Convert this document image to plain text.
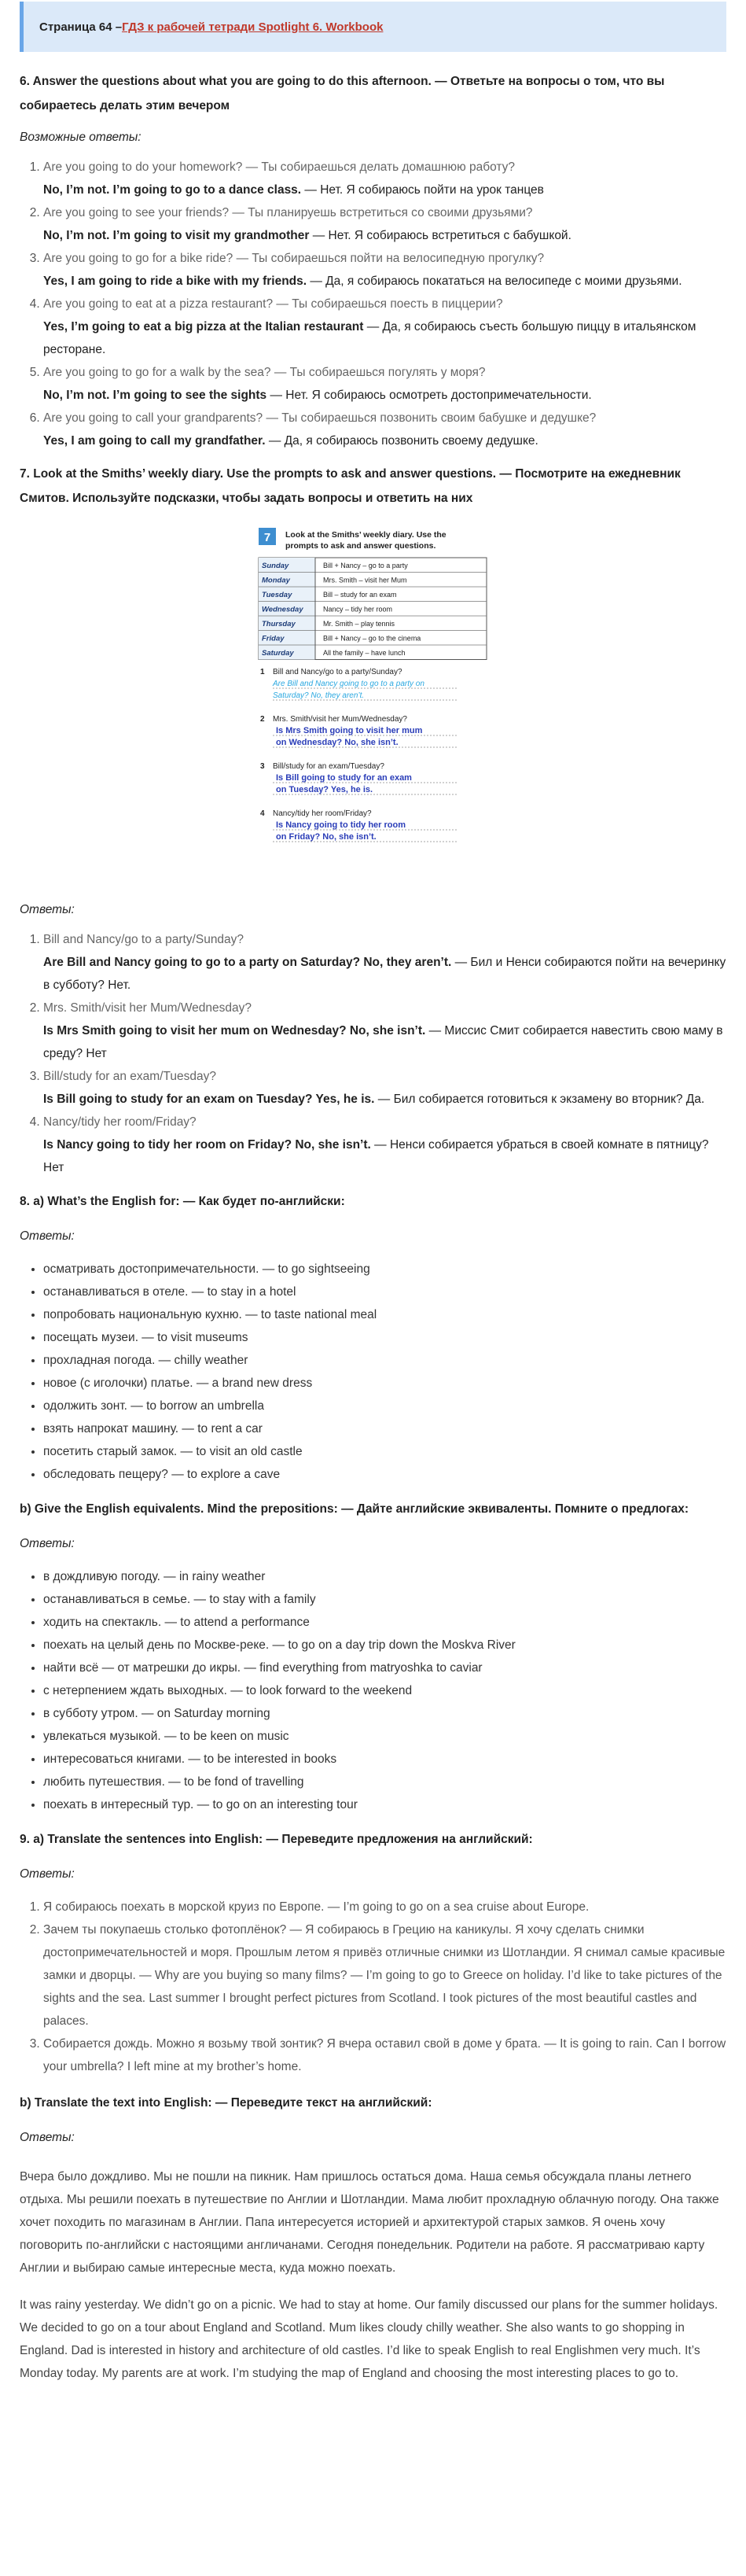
Страница 64 – ГДЗ к рабочей тетради Spotlight 6. Workbook
6. Answer the questions about what you are going to do this afternoon. — Ответьте на вопросы о том, что вы собираетесь делать этим вечером

Возможные ответы:

1. Are you going to do your homework? — Ты собираешься делать домашнюю работу?
No, I’m not. I’m going to go to a dance class. — Нет. Я собираюсь пойти на урок танцев
2. Are you going to see your friends? — Ты планируешь встретиться со своими друзьями?
No, I’m not. I’m going to visit my grandmother — Нет. Я собираюсь встретиться с бабушкой.
3. Are you going to go for a bike ride? — Ты собираешься пойти на велосипедную прогулку?
Yes, I am going to ride a bike with my friends. — Да, я собираюсь покататься на велосипеде с моими друзьями.
4. Are you going to eat at a pizza restaurant? — Ты собираешься поесть в пиццерии?
Yes, I’m going to eat a big pizza at the Italian restaurant — Да, я собираюсь съесть большую пиццу в итальянском ресторане.
5. Are you going to go for a walk by the sea? — Ты собираешься погулять у моря?
No, I’m not. I’m going to see the sights — Нет. Я собираюсь осмотреть достопримечательности.
6. Are you going to call your grandparents? — Ты собираешься позвонить своим бабушке и дедушке?
Yes, I am going to call my grandfather. — Да, я собираюсь позвонить своему дедушке.
7. Look at the Smiths’ weekly diary. Use the prompts to ask and answer questions. — Посмотрите на ежедневник Смитов. Используйте подсказки, чтобы задать вопросы и ответить на них
7 Look at the Smiths’ weekly diary. Use the
prompts to ask and answer questions.
Sunday	Bill + Nancy – go to a party
Monday	Mrs. Smith – visit her Mum
Tuesday	Bill – study for an exam
Wednesday	Nancy – tidy her room
Thursday	Mr. Smith – play tennis
Friday	Bill + Nancy – go to the cinema
Saturday	All the family – have lunch
1 Bill and Nancy/go to a party/Sunday?
Are Bill and Nancy going to go to a party on
Saturday? No, they aren’t.
2 Mrs. Smith/visit her Mum/Wednesday?
Is Mrs Smith going to visit her mum
on Wednesday? No, she isn’t.
3 Bill/study for an exam/Tuesday?
Is Bill going to study for an exam
on Tuesday? Yes, he is.
4 Nancy/tidy her room/Friday?
Is Nancy going to tidy her room
on Friday? No, she isn’t.

Ответы:

1. Bill and Nancy/go to a party/Sunday?
Are Bill and Nancy going to go to a party on Saturday? No, they aren’t. — Бил и Ненси собираются пойти на вечеринку в субботу? Нет.
2. Mrs. Smith/visit her Mum/Wednesday?
Is Mrs Smith going to visit her mum on Wednesday? No, she isn’t. — Миссис Смит собирается навестить свою маму в среду? Нет
3. Bill/study for an exam/Tuesday?
Is Bill going to study for an exam on Tuesday? Yes, he is. — Бил собирается готовиться к экзамену во вторник? Да.
4. Nancy/tidy her room/Friday?
Is Nancy going to tidy her room on Friday? No, she isn’t. — Ненси собирается убраться в своей комнате в пятницу? Нет
8. а) What’s the English for: — Как будет по-английски:

Ответы:

• осматривать достопримечательности. — to go sightseeing
• останавливаться в отеле. — to stay in a hotel
• попробовать национальную кухню. — to taste national meal
• посещать музеи. — to visit museums
• прохладная погода. — chilly weather
• новое (с иголочки) платье. — a brand new dress
• одолжить зонт. — to borrow an umbrella
• взять напрокат машину. — to rent a car
• посетить старый замок. — to visit an old castle
• обследовать пещеру? — to explore a cave
b) Give the English equivalents. Mind the prepositions: — Дайте английские эквиваленты. Помните о предлогах:

Ответы:

• в дождливую погоду. — in rainy weather
• останавливаться в семье. — to stay with a family
• ходить на спектакль. — to attend a performance
• поехать на целый день по Москве-реке. — to go on a day trip down the Moskva River
• найти всё — от матрешки до икры. — find everything from matryoshka to caviar
• с нетерпением ждать выходных. — to look forward to the weekend
• в субботу утром. — on Saturday morning
• увлекаться музыкой. — to be keen on music
• интересоваться книгами. — to be interested in books
• любить путешествия. — to be fond of travelling
• поехать в интересный тур. — to go on an interesting tour
9. a) Translate the sentences into English: — Переведите предложения на английский:

Ответы:

1. Я собираюсь поехать в морской круиз по Европе. — I’m going to go on a sea cruise about Europe.
2. Зачем ты покупаешь столько фотоплёнок? — Я собираюсь в Грецию на каникулы. Я хочу сделать снимки достопримечательностей и моря. Прошлым летом я привёз отличные снимки из Шотландии. Я снимал самые красивые замки и дворцы. — Why are you buying so many films? — I’m going to go to Greece on holiday. I’d like to take pictures of the sights and the sea. Last summer I brought perfect pictures from Scotland. I took pictures of the most beautiful castles and palaces.
3. Собирается дождь. Можно я возьму твой зонтик? Я вчера оставил свой в доме у брата. — It is going to rain. Can I borrow your umbrella? I left mine at my brother’s home.
b) Translate the text into English: — Переведите текст на английский:

Ответы:

Вчера было дождливо. Мы не пошли на пикник. Нам пришлось остаться дома. Наша семья обсуждала планы летнего отдыха. Мы решили поехать в путешествие по Англии и Шотландии. Мама любит прохладную облачную погоду. Она также хочет походить по магазинам в Англии. Папа интересуется историей и архитектурой старых замков. Я очень хочу поговорить по-английски с настоящими англичанами. Сегодня понедельник. Родители на работе. Я рассматриваю карту Англии и выбираю самые интересные места, куда можно поехать.

It was rainy yesterday. We didn’t go on a picnic. We had to stay at home. Our family discussed our plans for the summer holidays. We decided to go on a tour about England and Scotland. Mum likes cloudy chilly weather. She also wants to go shopping in England. Dad is interested in history and architecture of old castles. I’d like to speak English to real Englishmen very much. It’s Monday today. My parents are at work. I’m studying the map of England and choosing the most interesting places to go to.
